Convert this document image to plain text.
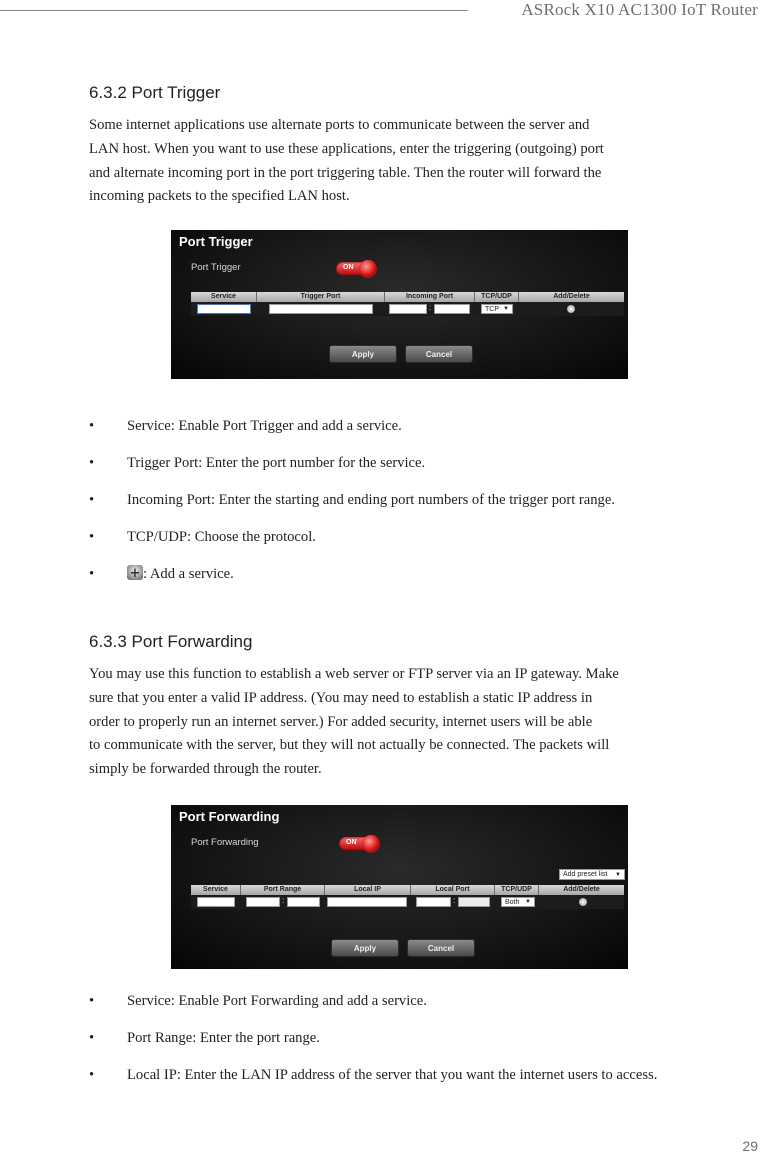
ASRock X10 AC1300 IoT Router
6.3.2 Port Trigger
Some internet applications use alternate ports to communicate between the server and
LAN host. When you want to use these applications, enter the triggering (outgoing) port
and alternate incoming port in the port triggering table. Then the router will forward the
incoming packets to the specified LAN host.
Port Trigger
Port Trigger	ON
Service	Trigger Port	Incoming Port	TCP/UDP	Add/Delete
:	TCP ▼
Apply	Cancel
• Service: Enable Port Trigger and add a service.
• Trigger Port: Enter the port number for the service.
• Incoming Port: Enter the starting and ending port numbers of the trigger port range.
• TCP/UDP: Choose the protocol.
•
+	: Add a service.
6.3.3 Port Forwarding
You may use this function to establish a web server or FTP server via an IP gateway. Make
sure that you enter a valid IP address. (You may need to establish a static IP address in
order to properly run an internet server.) For added security, internet users will be able
to communicate with the server, but they will not actually be connected. The packets will
simply be forwarded through the router.
Port Forwarding
Port Forwarding	ON
Add preset list ▼
Service	Port Range	Local IP	Local Port	TCP/UDP	Add/Delete
:	:	Both ▼
Apply	Cancel
• Service: Enable Port Forwarding and add a service.
• Port Range: Enter the port range.
• Local IP: Enter the LAN IP address of the server that you want the internet users to access.
29
